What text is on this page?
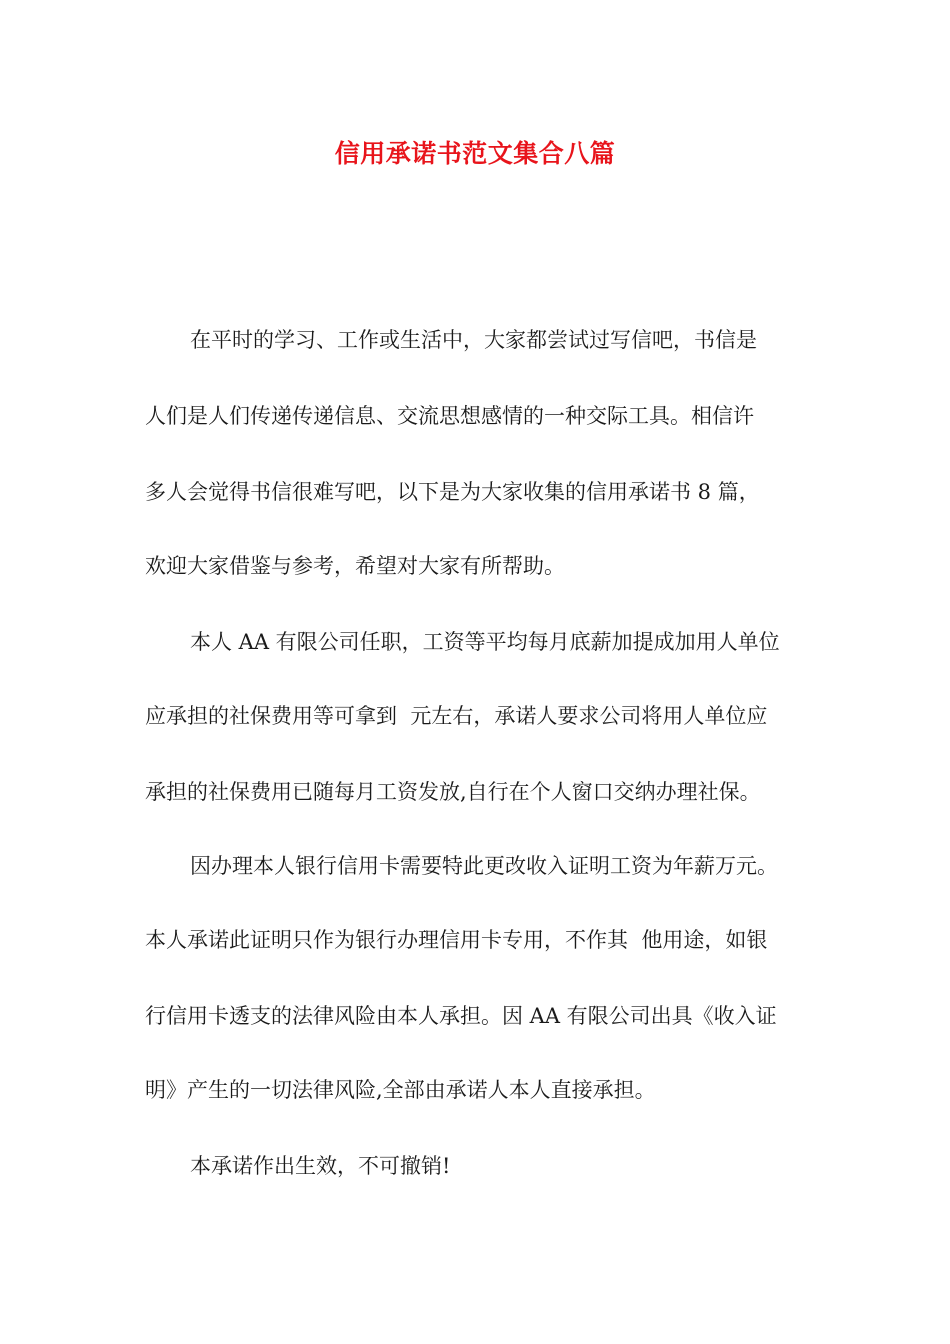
信用承诺书范文集合八篇
在平时的学习、工作或生活中，大家都尝试过写信吧，书信是
人们是人们传递传递信息、交流思想感情的一种交际工具。相信许
多人会觉得书信很难写吧，以下是为大家收集的信用承诺书 8 篇，
欢迎大家借鉴与参考，希望对大家有所帮助。
本人 AA 有限公司任职，工资等平均每月底薪加提成加用人单位
应承担的社保费用等可拿到  元左右，承诺人要求公司将用人单位应
承担的社保费用已随每月工资发放,自行在个人窗口交纳办理社保。
因办理本人银行信用卡需要特此更改收入证明工资为年薪万元。
本人承诺此证明只作为银行办理信用卡专用，不作其  他用途，如银
行信用卡透支的法律风险由本人承担。因 AA 有限公司出具《收入证
明》产生的一切法律风险,全部由承诺人本人直接承担。
本承诺作出生效，不可撤销!
